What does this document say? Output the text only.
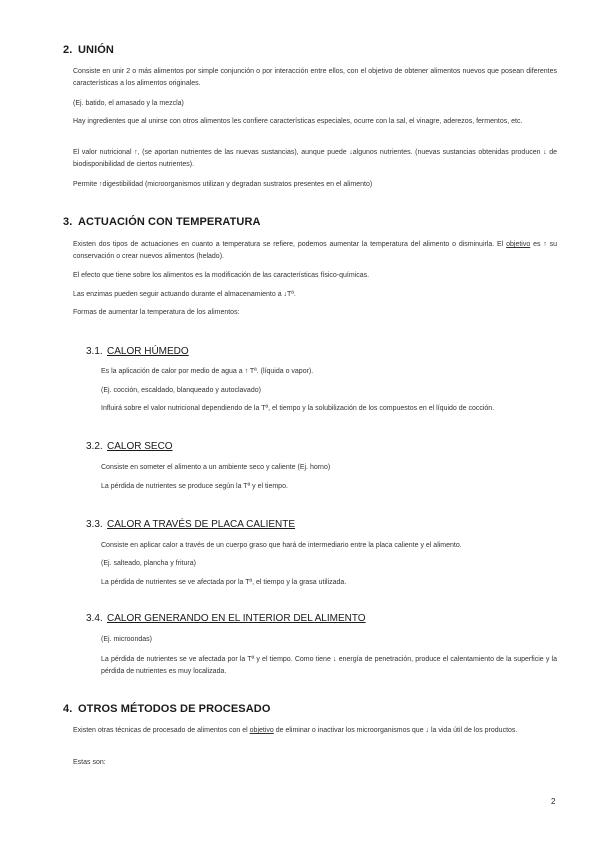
2. UNIÓN
Consiste en unir 2 o más alimentos por simple conjunción o por interacción entre ellos, con el objetivo de obtener alimentos nuevos que posean diferentes características a los alimentos originales.
(Ej. batido, el amasado y la mezcla)
Hay ingredientes que al unirse con otros alimentos les confiere características especiales, ocurre con la sal, el vinagre, aderezos, fermentos, etc.
El valor nutricional ↑, (se aportan nutrientes de las nuevas sustancias), aunque puede ↓algunos nutrientes. (nuevas sustancias obtenidas producen ↓ de biodisponibilidad de ciertos nutrientes).
Permite ↑digestibilidad (microorganismos utilizan y degradan sustratos presentes en el alimento)
3. ACTUACIÓN CON TEMPERATURA
Existen dos tipos de actuaciones en cuanto a temperatura se refiere, podemos aumentar la temperatura del alimento o disminuirla. El objetivo es ↑ su conservación o crear nuevos alimentos (helado).
El efecto que tiene sobre los alimentos es la modificación de las características físico-químicas.
Las enzimas pueden seguir actuando durante el almacenamiento a ↓Tª.
Formas de aumentar la temperatura de los alimentos:
3.1. CALOR HÚMEDO
Es la aplicación de calor por medio de agua a ↑ Tª. (líquida o vapor).
(Ej. cocción, escaldado, blanqueado y autoclavado)
Influirá sobre el valor nutricional dependiendo de la Tª, el tiempo y la solubilización de los compuestos en el líquido de cocción.
3.2. CALOR SECO
Consiste en someter el alimento a un ambiente seco y caliente (Ej. horno)
La pérdida de nutrientes se produce según la Tª y el tiempo.
3.3. CALOR A TRAVÉS DE PLACA CALIENTE
Consiste en aplicar calor a través de un cuerpo graso que hará de intermediario entre la placa caliente y el alimento.
(Ej. salteado, plancha y fritura)
La pérdida de nutrientes se ve afectada por la Tª, el tiempo y la grasa utilizada.
3.4. CALOR GENERANDO EN EL INTERIOR DEL ALIMENTO
(Ej. microondas)
La pérdida de nutrientes se ve afectada por la Tª y el tiempo. Como tiene ↓ energía de penetración, produce el calentamiento de la superficie y la pérdida de nutrientes es muy localizada.
4. OTROS MÉTODOS DE PROCESADO
Existen otras técnicas de procesado de alimentos con el objetivo de eliminar o inactivar los microorganismos que ↓ la vida útil de los productos.
Estas son:
2
